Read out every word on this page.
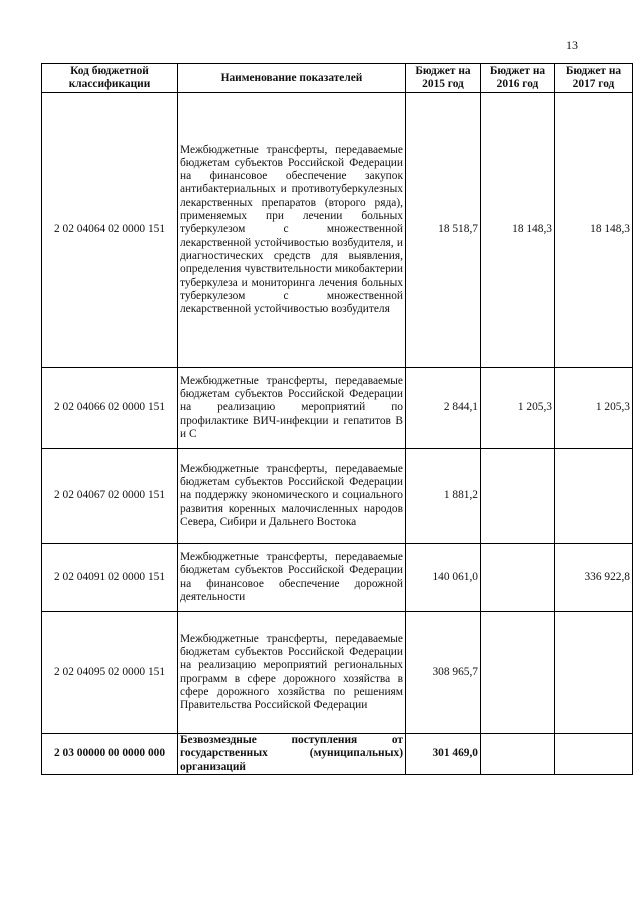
13
Код бюджетной классификации	Наименование показателей	Бюджет на 2015 год	Бюджет на 2016 год	Бюджет на 2017 год
2 02 04064 02 0000 151	Межбюджетные трансферты, передаваемые бюджетам субъектов Российской Федерации на финансовое обеспечение закупок антибактериальных и противотуберкулезных лекарственных препаратов (второго ряда), применяемых при лечении больных туберкулезом с множественной лекарственной устойчивостью возбудителя, и диагностических средств для выявления, определения чувствительности микобактерии туберкулеза и мониторинга лечения больных туберкулезом с множественной лекарственной устойчивостью возбудителя	18 518,7	18 148,3	18 148,3
2 02 04066 02 0000 151	Межбюджетные трансферты, передаваемые бюджетам субъектов Российской Федерации на реализацию мероприятий по профилактике ВИЧ-инфекции и гепатитов В и С	2 844,1	1 205,3	1 205,3
2 02 04067 02 0000 151	Межбюджетные трансферты, передаваемые бюджетам субъектов Российской Федерации на поддержку экономического и социального развития коренных малочисленных народов Севера, Сибири и Дальнего Востока	1 881,2		
2 02 04091 02 0000 151	Межбюджетные трансферты, передаваемые бюджетам субъектов Российской Федерации на финансовое обеспечение дорожной деятельности	140 061,0		336 922,8
2 02 04095 02 0000 151	Межбюджетные трансферты, передаваемые бюджетам субъектов Российской Федерации на реализацию мероприятий региональных программ в сфере дорожного хозяйства в сфере дорожного хозяйства по решениям Правительства Российской Федерации	308 965,7		
2 03 00000 00 0000 000	Безвозмездные поступления от государственных (муниципальных) организаций	301 469,0		
